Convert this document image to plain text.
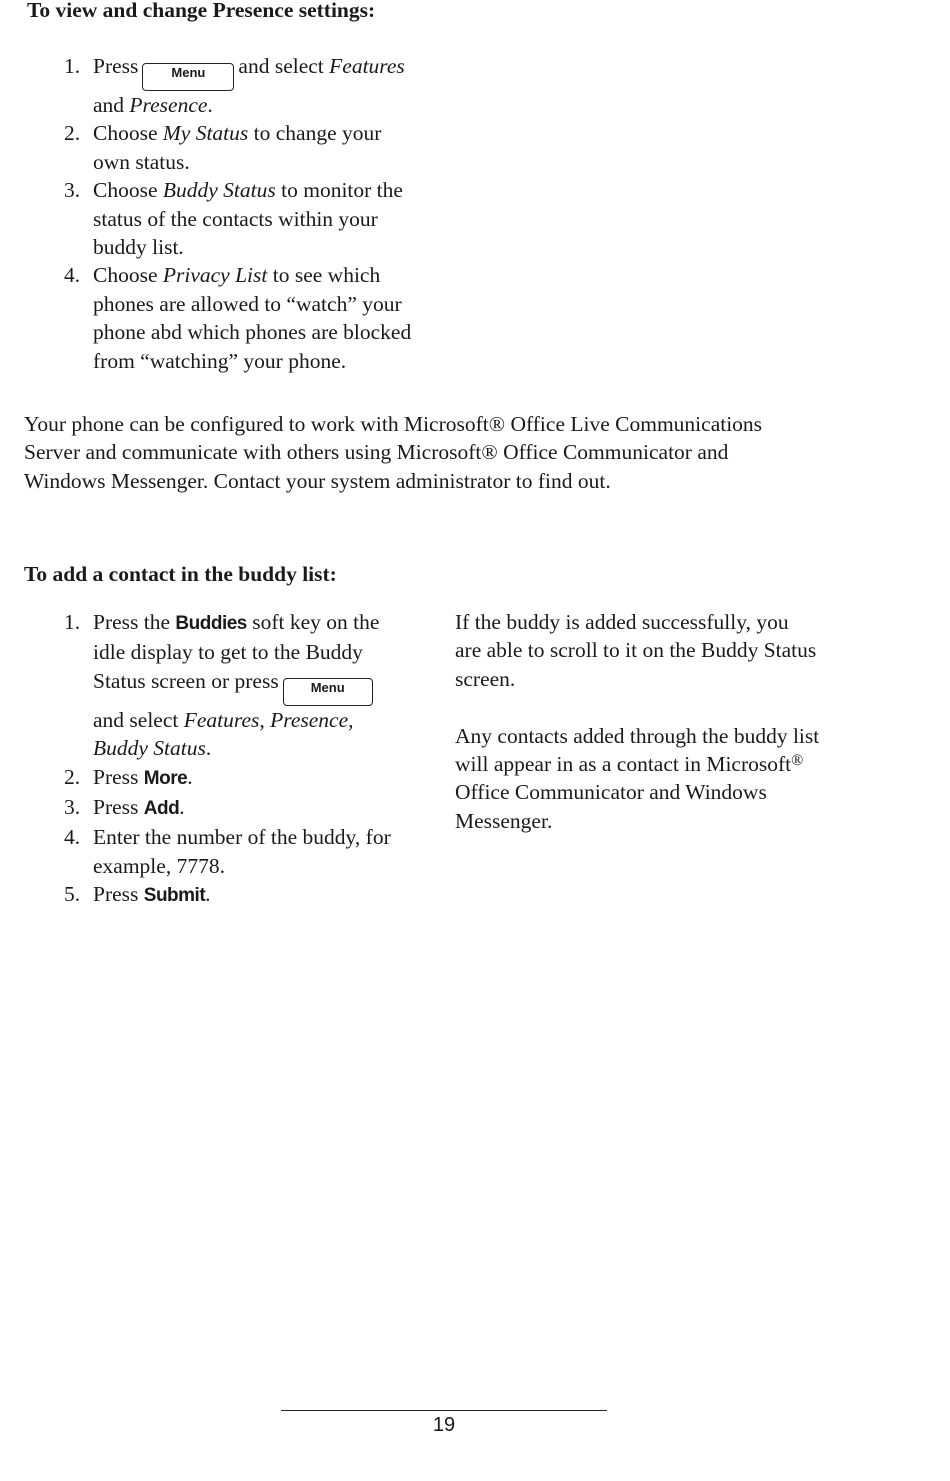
To view and change Presence settings:
1. Press	Menu and select Features
and Presence.
2. Choose My Status to change your
own status.
3. Choose Buddy Status to monitor the
status of the contacts within your
buddy list.
4. Choose Privacy List to see which
phones are allowed to “watch” your
phone abd which phones are blocked
from “watching” your phone.

Your phone can be configured to work with Microsoft® Office Live Communications
Server and communicate with others using Microsoft® Office Communicator and
Windows Messenger. Contact your system administrator to find out.

To add a contact in the buddy list:
1. Press the Buddies soft key on the
idle display to get to the Buddy
Status screen or press Menu
and select Features, Presence,
Buddy Status.
2. Press More.
3. Press Add.
4. Enter the number of the buddy, for
example, 7778.
5. Press Submit.

If the buddy is added successfully, you
are able to scroll to it on the Buddy Status
screen.

Any contacts added through the buddy list
will appear in as a contact in Microsoft®
Office Communicator and Windows
Messenger.

19
